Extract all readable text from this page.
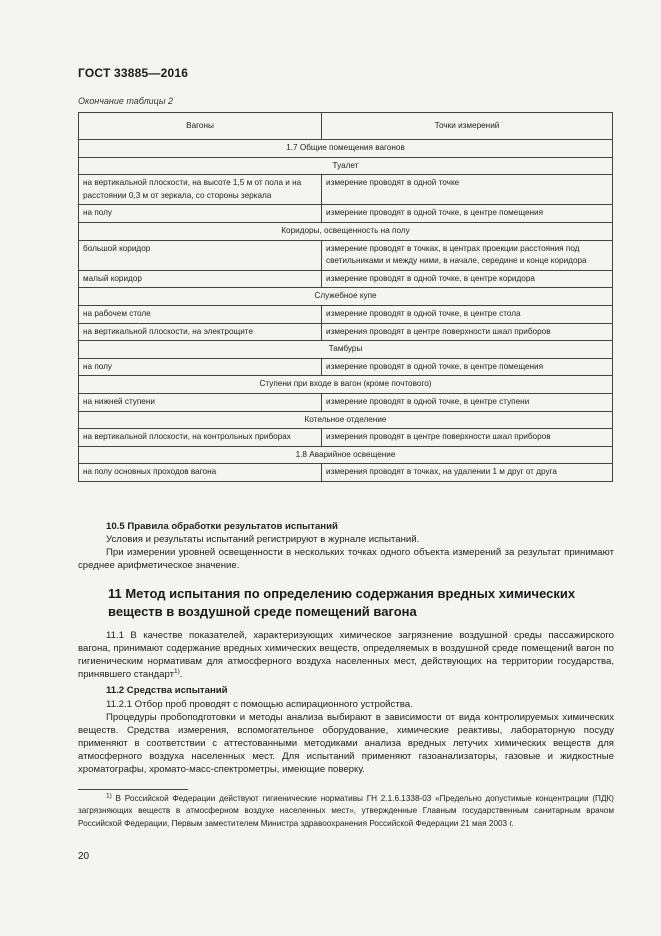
ГОСТ 33885—2016
Окончание таблицы 2
Вагоны	Точки измерений
1.7 Общие помещения вагонов	
Туалет	
на вертикальной плоскости, на высоте 1,5 м от пола и на расстоянии 0,3 м от зеркала, со стороны зеркала	измерение проводят в одной точке
на полу	измерение проводят в одной точке, в центре помещения
Коридоры, освещенность на полу	
большой коридор	измерение проводят в точках, в центрах проекции расстояния под светильниками и между ними, в начале, середине и конце коридора
малый коридор	измерение проводят в одной точке, в центре коридора
Служебное купе	
на рабочем столе	измерение проводят в одной точке, в центре стола
на вертикальной плоскости, на электрощите	измерения проводят в центре поверхности шкал приборов
Тамбуры	
на полу	измерение проводят в одной точке, в центре помещения
Ступени при входе в вагон (кроме почтового)	
на нижней ступени	измерение проводят в одной точке, в центре ступени
Котельное отделение	
на вертикальной плоскости, на контрольных приборах	измерения проводят в центре поверхности шкал приборов
1.8 Аварийное освещение	
на полу основных проходов вагона	измерения проводят в точках, на удалении 1 м друг от друга
10.5 Правила обработки результатов испытаний
Условия и результаты испытаний регистрируют в журнале испытаний.
При измерении уровней освещенности в нескольких точках одного объекта измерений за результат принимают среднее арифметическое значение.
11 Метод испытания по определению содержания вредных химических веществ в воздушной среде помещений вагона
11.1 В качестве показателей, характеризующих химическое загрязнение воздушной среды пассажирского вагона, принимают содержание вредных химических веществ, определяемых в воздушной среде помещений вагон по гигиеническим нормативам для атмосферного воздуха населенных мест, действующих на территории государства, принявшего стандарт$^{1)}$.
11.2 Средства испытаний
11.2.1 Отбор проб проводят с помощью аспирационного устройства.
Процедуры пробоподготовки и методы анализа выбирают в зависимости от вида контролируемых химических веществ. Средства измерения, вспомогательное оборудование, химические реактивы, лабораторную посуду применяют в соответствии с аттестованными методиками анализа вредных летучих химических веществ для атмосферного воздуха населенных мест. Для испытаний применяют газоанализаторы, газовые и жидкостные хроматографы, хромато-масс-спектрометры, имеющие поверку.
$^{1)}$ В Российской Федерации действуют гигиенические нормативы ГН 2.1.6.1338-03 «Предельно допустимые концентрации (ПДК) загрязняющих веществ в атмосферном воздухе населенных мест», утвержденные Главным государственным санитарным врачом Российской Федерации, Первым заместителем Министра здравоохранения Российской Федерации 21 мая 2003 г.
20
